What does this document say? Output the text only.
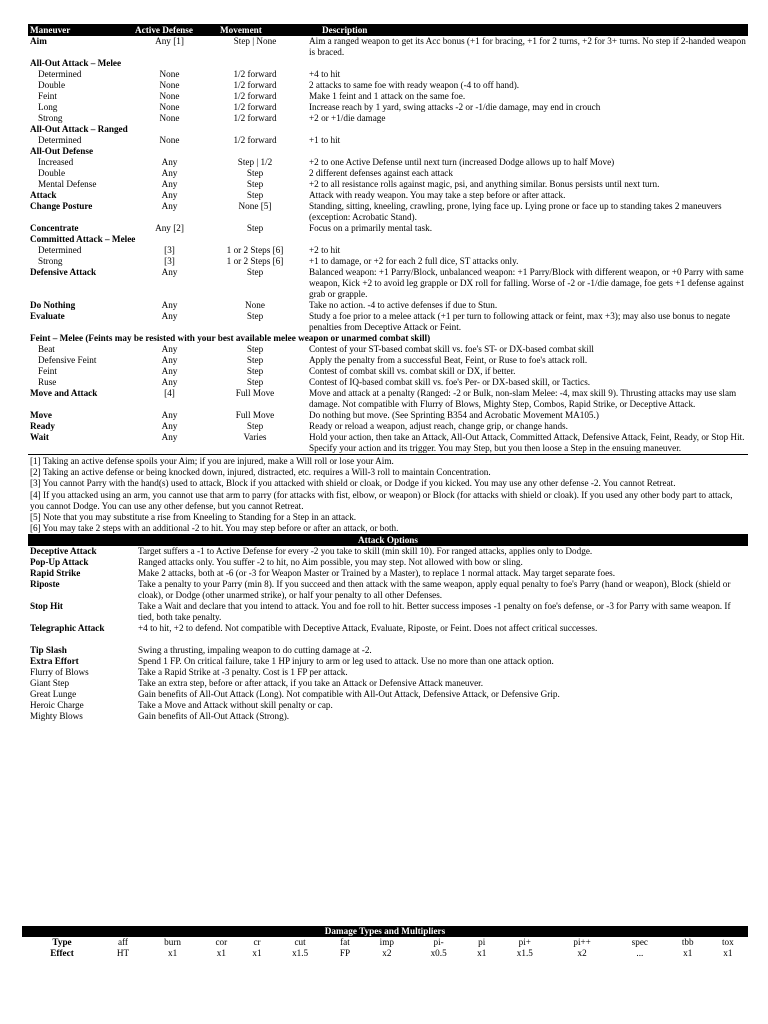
Maneuver	Active Defense	Movement	Description
Aim	Any [1]	Step | None	Aim a ranged weapon to get its Acc bonus (+1 for bracing, +1 for 2 turns, +2 for 3+ turns. No step if 2-handed weapon is braced.
All-Out Attack – Melee
Determined	None	1/2 forward	+4 to hit
Double	None	1/2 forward	2 attacks to same foe with ready weapon (-4 to off hand).
Feint	None	1/2 forward	Make 1 feint and 1 attack on the same foe.
Long	None	1/2 forward	Increase reach by 1 yard, swing attacks -2 or -1/die damage, may end in crouch
Strong	None	1/2 forward	+2 or +1/die damage
All-Out Attack – Ranged
Determined	None	1/2 forward	+1 to hit
All-Out Defense
Increased	Any	Step | 1/2	+2 to one Active Defense until next turn (increased Dodge allows up to half Move)
Double	Any	Step	2 different defenses against each attack
Mental Defense	Any	Step	+2 to all resistance rolls against magic, psi, and anything similar. Bonus persists until next turn.
Attack	Any	Step	Attack with ready weapon. You may take a step before or after attack.
Change Posture	Any	None [5]	Standing, sitting, kneeling, crawling, prone, lying face up. Lying prone or face up to standing takes 2 maneuvers (exception: Acrobatic Stand).
Concentrate	Any [2]	Step	Focus on a primarily mental task.
Committed Attack – Melee
Determined	[3]	1 or 2 Steps [6]	+2 to hit
Strong	[3]	1 or 2 Steps [6]	+1 to damage, or +2 for each 2 full dice, ST attacks only.
Defensive Attack	Any	Step	Balanced weapon: +1 Parry/Block, unbalanced weapon: +1 Parry/Block with different weapon, or +0 Parry with same weapon, Kick +2 to avoid leg grapple or DX roll for falling. Worse of -2 or -1/die damage, foe gets +1 defense against grab or grapple.
Do Nothing	Any	None	Take no action. -4 to active defenses if due to Stun.
Evaluate	Any	Step	Study a foe prior to a melee attack (+1 per turn to following attack or feint, max +3); may also use bonus to negate penalties from Deceptive Attack or Feint.
Feint – Melee (Feints may be resisted with your best available melee weapon or unarmed combat skill)
Beat	Any	Step	Contest of your ST-based combat skill vs. foe's ST- or DX-based combat skill
Defensive Feint	Any	Step	Apply the penalty from a successful Beat, Feint, or Ruse to foe's attack roll.
Feint	Any	Step	Contest of combat skill vs. combat skill or DX, if better.
Ruse	Any	Step	Contest of IQ-based combat skill vs. foe's Per- or DX-based skill, or Tactics.
Move and Attack	[4]	Full Move	Move and attack at a penalty (Ranged: -2 or Bulk, non-slam Melee: -4, max skill 9). Thrusting attacks may use slam damage. Not compatible with Flurry of Blows, Mighty Step, Combos, Rapid Strike, or Deceptive Attack.
Move	Any	Full Move	Do nothing but move. (See Sprinting B354 and Acrobatic Movement MA105.)
Ready	Any	Step	Ready or reload a weapon, adjust reach, change grip, or change hands.
Wait	Any	Varies	Hold your action, then take an Attack, All-Out Attack, Committed Attack, Defensive Attack, Feint, Ready, or Stop Hit. Specify your action and its trigger. You may Step, but you then loose a Step in the ensuing maneuver.

[1] Taking an active defense spoils your Aim; if you are injured, make a Will roll or lose your Aim.

[2] Taking an active defense or being knocked down, injured, distracted, etc. requires a Will-3 roll to maintain Concentration.

[3] You cannot Parry with the hand(s) used to attack, Block if you attacked with shield or cloak, or Dodge if you kicked. You may use any other defense -2. You cannot Retreat.

[4] If you attacked using an arm, you cannot use that arm to parry (for attacks with fist, elbow, or weapon) or Block (for attacks with shield or cloak). If you used any other body part to attack, you cannot Dodge. You can use any other defense, but you cannot Retreat.

[5] Note that you may substitute a rise from Kneeling to Standing for a Step in an attack.

[6] You may take 2 steps with an additional -2 to hit. You may step before or after an attack, or both.

Attack Options
Deceptive Attack	Target suffers a -1 to Active Defense for every -2 you take to skill (min skill 10). For ranged attacks, applies only to Dodge.
Pop-Up Attack	Ranged attacks only. You suffer -2 to hit, no Aim possible, you may step. Not allowed with bow or sling.
Rapid Strike	Make 2 attacks, both at -6 (or -3 for Weapon Master or Trained by a Master), to replace 1 normal attack. May target separate foes.
Riposte	Take a penalty to your Parry (min 8). If you succeed and then attack with the same weapon, apply equal penalty to foe's Parry (hand or weapon), Block (shield or cloak), or Dodge (other unarmed strike), or half your penalty to all other Defenses.
Stop Hit	Take a Wait and declare that you intend to attack. You and foe roll to hit. Better success imposes -1 penalty on foe's defense, or -3 for Parry with same weapon. If tied, both take penalty.
Telegraphic Attack	+4 to hit, +2 to defend. Not compatible with Deceptive Attack, Evaluate, Riposte, or Feint. Does not affect critical successes.
Tip Slash	Swing a thrusting, impaling weapon to do cutting damage at -2.
Extra Effort	Spend 1 FP. On critical failure, take 1 HP injury to arm or leg used to attack. Use no more than one attack option.
Flurry of Blows	Take a Rapid Strike at -3 penalty. Cost is 1 FP per attack.
Giant Step	Take an extra step, before or after attack, if you take an Attack or Defensive Attack maneuver.
Great Lunge	Gain benefits of All-Out Attack (Long). Not compatible with All-Out Attack, Defensive Attack, or Defensive Grip.
Heroic Charge	Take a Move and Attack without skill penalty or cap.
Mighty Blows	Gain benefits of All-Out Attack (Strong).
Damage Types and Multipliers														
Type	aff	burn	cor	cr	cut	fat	imp	pi-	pi	pi+	pi++	spec	tbb	tox
Effect	HT	x1	x1	x1	x1.5	FP	x2	x0.5	x1	x1.5	x2	...	x1	x1
